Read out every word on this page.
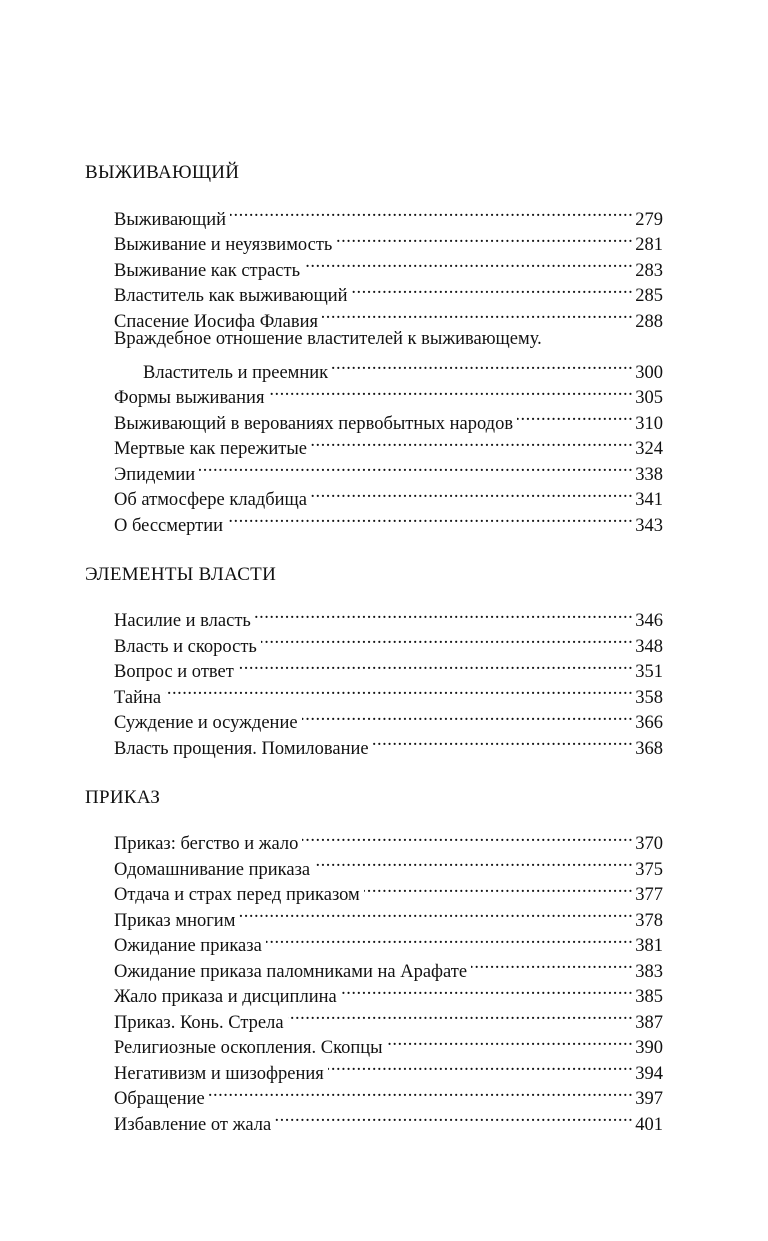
ВЫЖИВАЮЩИЙ
Выживающий .....	279
Выживание и неуязвимость .....	281
Выживание как страсть .....	283
Властитель как выживающий .....	285
Спасение Иосифа Флавия .....	288
Враждебное отношение властителей к выживающему.
Властитель и преемник .....	300
Формы выживания .....	305
Выживающий в верованиях первобытных народов .....	310
Мертвые как пережитые .....	324
Эпидемии .....	338
Об атмосфере кладбища .....	341
О бессмертии .....	343
ЭЛЕМЕНТЫ ВЛАСТИ
Насилие и власть .....	346
Власть и скорость .....	348
Вопрос и ответ .....	351
Тайна .....	358
Суждение и осуждение .....	366
Власть прощения. Помилование .....	368
ПРИКАЗ
Приказ: бегство и жало .....	370
Одомашнивание приказа .....	375
Отдача и страх перед приказом .....	377
Приказ многим .....	378
Ожидание приказа .....	381
Ожидание приказа паломниками на Арафате .....	383
Жало приказа и дисциплина .....	385
Приказ. Конь. Стрела .....	387
Религиозные оскопления. Скопцы .....	390
Негативизм и шизофрения .....	394
Обращение .....	397
Избавление от жала .....	401
